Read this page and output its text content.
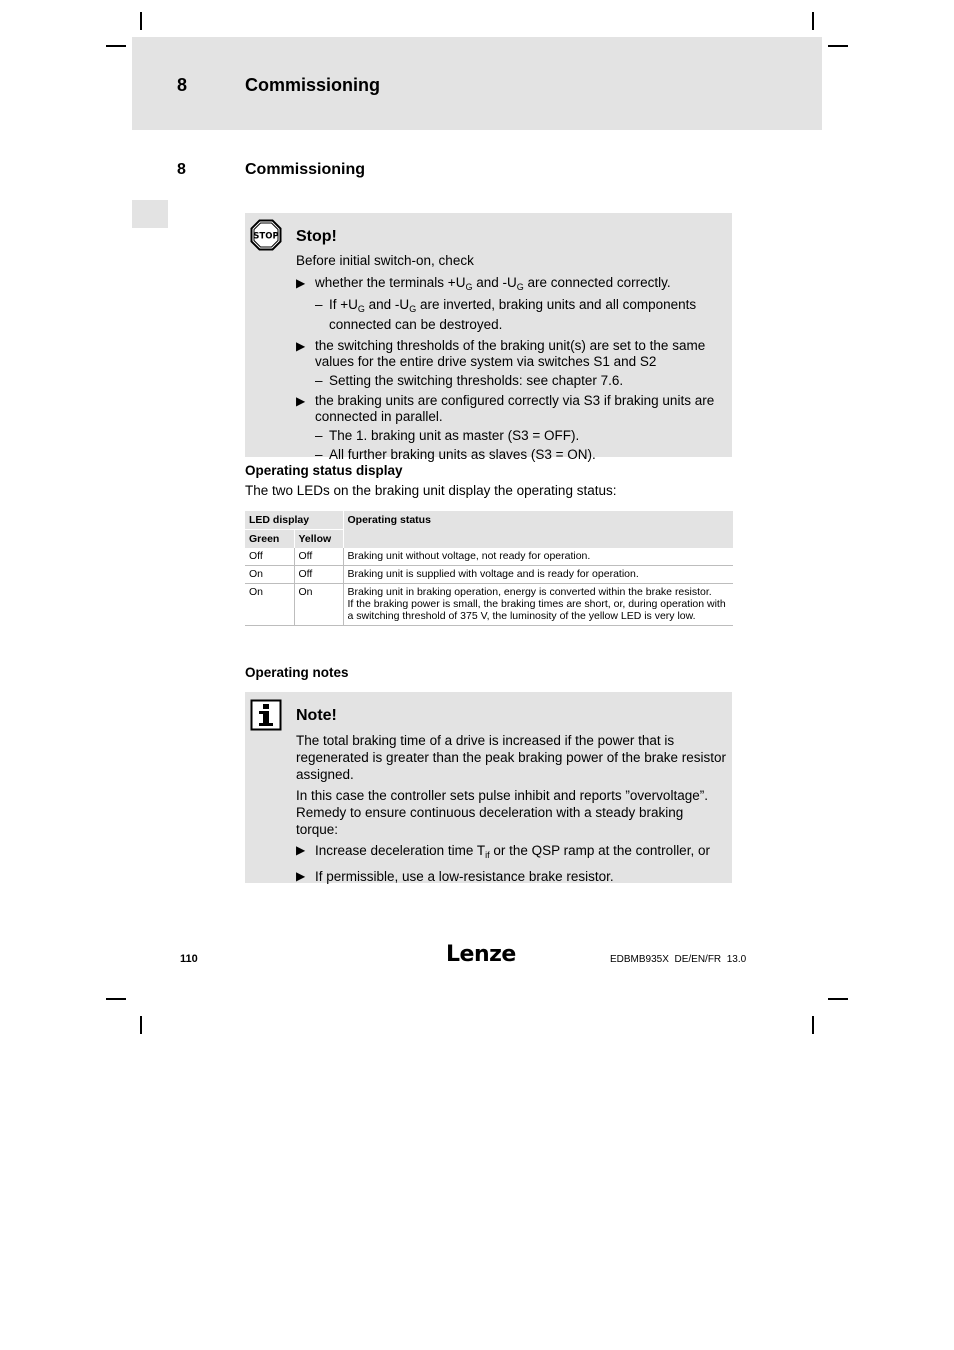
8	Commissioning
8	Commissioning
STOP Stop!
Before initial switch-on, check
▶ whether the terminals $+U_G$ and $-U_G$ are connected correctly.
– $If +U_G$ and $-U_G$ are inverted, braking units and all components connected can be destroyed.
▶ the switching thresholds of the braking unit(s) are set to the same values for the entire drive system via switches S1 and S2
– Setting the switching thresholds: see chapter 7.6.
▶ the braking units are configured correctly via S3 if braking units are connected in parallel.
– The 1. braking unit as master (S3 = OFF).
– All further braking units as slaves (S3 = ON).
Operating status display
The two LEDs on the braking unit display the operating status:
LED display		Operating status
Green	Yellow	
Off	Off	Braking unit without voltage, not ready for operation.
On	Off	Braking unit is supplied with voltage and is ready for operation.
On	On	Braking unit in braking operation, energy is converted within the brake resistor.
If the braking power is small, the braking times are short, or, during operation with a switching threshold of 375 V, the luminosity of the yellow LED is very low.
Operating notes
Note!
The total braking time of a drive is increased if the power that is regenerated is greater than the peak braking power of the brake resistor assigned.
In this case the controller sets pulse inhibit and reports ”overvoltage”. Remedy to ensure continuous deceleration with a steady braking torque:
▶ Increase deceleration time $T_{if}$ or the QSP ramp at the controller, or
▶ If permissible, use a low-resistance brake resistor.
110	Lenze	EDBMB935X  DE/EN/FR  13.0
